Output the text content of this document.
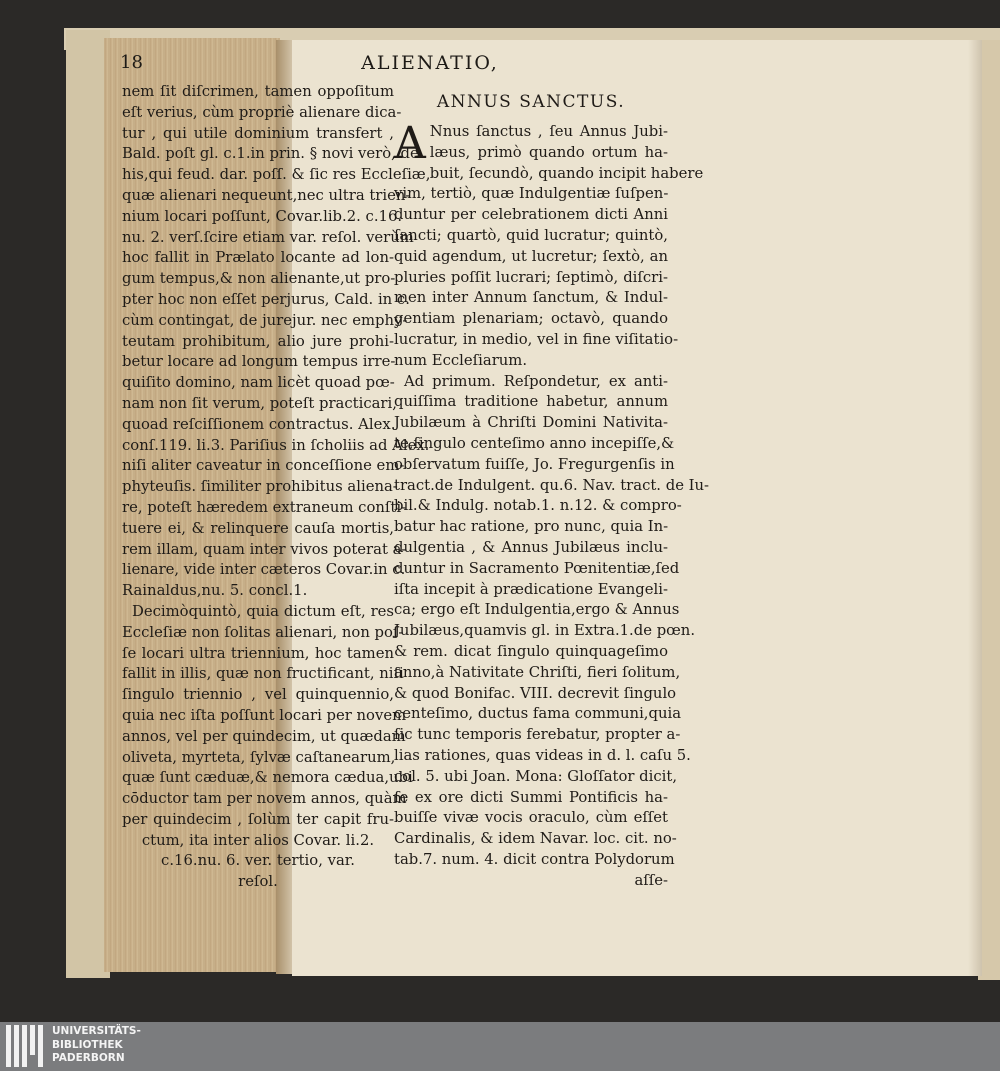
18	ALIENATIO,
nem ſit diſcrimen, tamen oppoſitum
eſt verius, cùm propriè alienare dica-
tur , qui utile dominium transfert ,
Bald. poſt gl. c.1.in prin. § novi verò, de
his,qui feud. dar. poſſ. & ſic res Eccleſiæ,
quæ alienari nequeunt,nec ultra trien-
nium locari poſſunt, Covar.lib.2. c.16.
nu. 2. verſ.ſcire etiam var. reſol. verùm
hoc fallit in Prælato locante ad lon-
gum tempus,& non alienante,ut pro-
pter hoc non eſſet perjurus, Cald. in c.
cùm contingat, de jurejur. nec emphy-
teutam prohibitum, alio jure prohi-
betur locare ad longum tempus irre-
quiſito domino, nam licèt quoad pœ-
nam non ſit verum, poteſt practicari,
quoad reſciſſionem contractus. Alex.
conſ.119. li.3. Pariſius in ſcholiis ad Alex.
niſi aliter caveatur in conceſſione em-
phyteuſis. ſimiliter prohibitus aliena-
re, poteſt hæredem extraneum conſti-
tuere ei, & relinquere cauſa mortis,
rem illam, quam inter vivos poterat a-
lienare, vide inter cæteros Covar.in c.
Rainaldus,nu. 5. concl.1.
Decimòquintò, quia dictum eſt, res
Eccleſiæ non ſolitas alienari, non poſ-
ſe locari ultra triennium, hoc tamen
fallit in illis, quæ non fructificant, niſi
ſingulo triennio , vel quinquennio,
quia nec iſta poſſunt locari per novem
annos, vel per quindecim, ut quædam
oliveta, myrteta, ſylvæ caſtanearum,
quæ ſunt cæduæ,& nemora cædua,ubi
cōductor tam per novem annos, quàm
per quindecim , ſolùm ter capit fru-
ctum, ita inter alios Covar. li.2.
c.16.nu. 6. ver. tertio, var.
reſol.
ANNUS SANCTUS.
A Nnus ſanctus , ſeu Annus Jubi-
læus, primò quando ortum ha-
buit, ſecundò, quando incipit habere
vim, tertiò, quæ Indulgentiæ ſuſpen-
duntur per celebrationem dicti Anni
ſancti; quartò, quid lucratur; quintò,
quid agendum, ut lucretur; ſextò, an
pluries poſſit lucrari; ſeptimò, diſcri-
men inter Annum ſanctum, & Indul-
gentiam plenariam; octavò, quando
lucratur, in medio, vel in fine viſitatio-
num Eccleſiarum.
Ad primum. Reſpondetur, ex anti-
quiſſima traditione habetur, annum
Jubilæum à Chriſti Domini Nativita-
te,ſingulo centeſimo anno incepiſſe,&
obſervatum fuiſſe, Jo. Fregurgenſis in
tract.de Indulgent. qu.6. Nav. tract. de Iu-
bil.& Indulg. notab.1. n.12. & compro-
batur hac ratione, pro nunc, quia In-
dulgentia , & Annus Jubilæus inclu-
duntur in Sacramento Pœnitentiæ,ſed
iſta incepit à prædicatione Evangeli-
ca; ergo eſt Indulgentia,ergo & Annus
Jubilæus,quamvis gl. in Extra.1.de pœn.
& rem. dicat ſingulo quinquageſimo
anno,à Nativitate Chriſti, fieri ſolitum,
& quod Bonifac. VIII. decrevit ſingulo
centeſimo, ductus fama communi,quia
ſic tunc temporis ferebatur, propter a-
lias rationes, quas videas in d. l. caſu 5.
col. 5. ubi Joan. Mona: Gloſſator dicit,
ſe ex ore dicti Summi Pontificis ha-
buiſſe vivæ vocis oraculo, cùm eſſet
Cardinalis, & idem Navar. loc. cit. no-
tab.7. num. 4. dicit contra Polydorum
aſſe-
UNIVERSITÄTS-
BIBLIOTHEK
PADERBORN
